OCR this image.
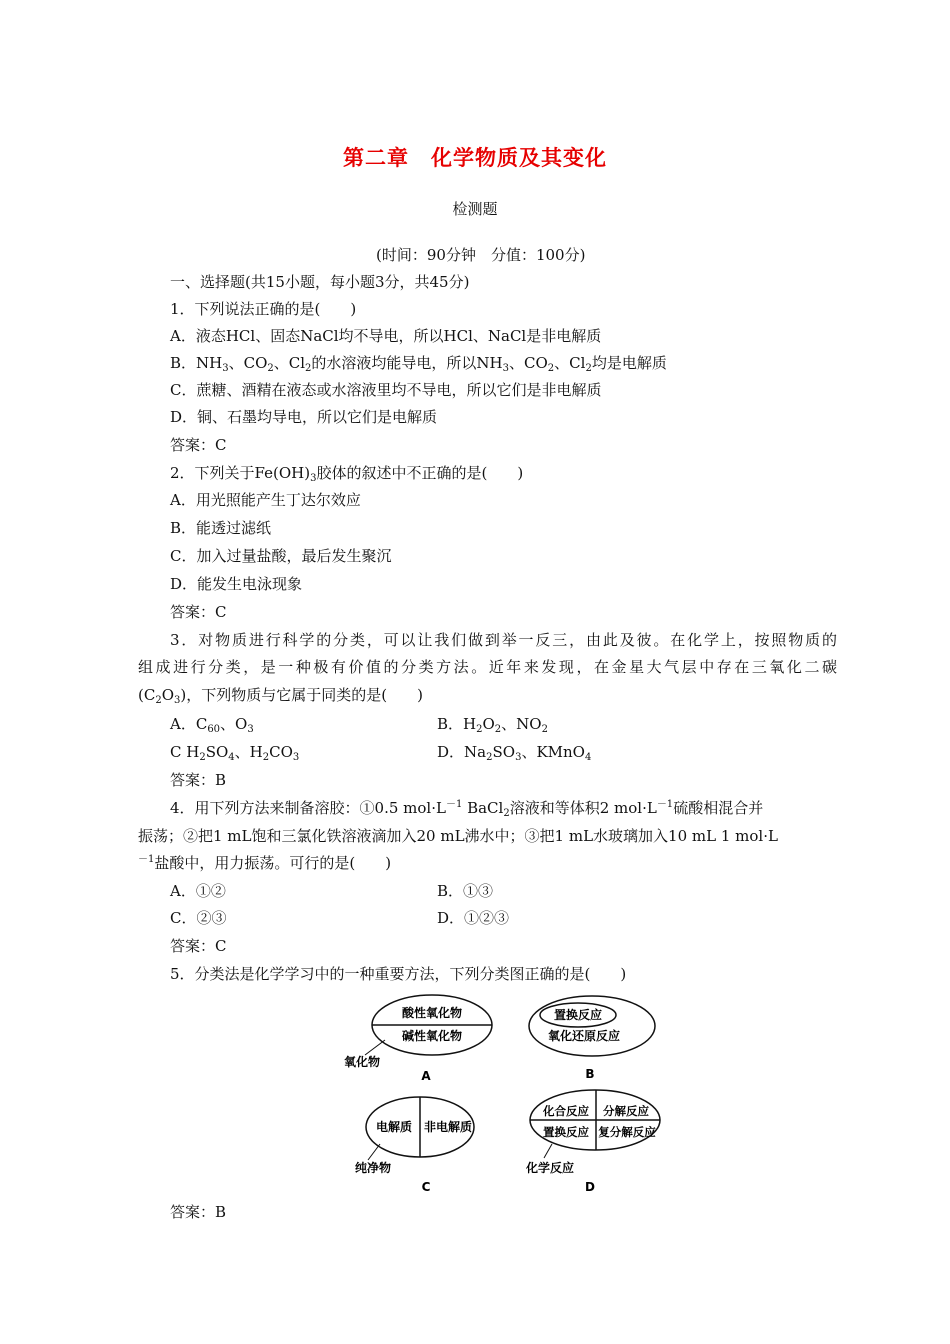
第二章　化学物质及其变化
检测题
(时间：90分钟　分值：100分)
一、选择题(共15小题，每小题3分，共45分)
1．下列说法正确的是(　　)
A．液态HCl、固态NaCl均不导电，所以HCl、NaCl是非电解质
B．$NH_3$、$CO_2$、$Cl_2$的水溶液均能导电，所以$NH_3$、$CO_2$、$Cl_2$均是电解质
C．蔗糖、酒精在液态或水溶液里均不导电，所以它们是非电解质
D．铜、石墨均导电，所以它们是电解质
答案：C
2．下列关于$Fe(OH)_3$胶体的叙述中不正确的是(　　)
A．用光照能产生丁达尔效应
B．能透过滤纸
C．加入过量盐酸，最后发生聚沉
D．能发生电泳现象
答案：C
3．对物质进行科学的分类，可以让我们做到举一反三，由此及彼。在化学上，按照物质的
组成进行分类，是一种极有价值的分类方法。近年来发现，在金星大气层中存在三氧化二碳
$(C_2O_3)$，下列物质与它属于同类的是(　　)
A．$C_{60}$、$O_3$	B．$H_2O_2$、$NO_2$
C $H_2SO_4$、$H_2CO_3$	D．$Na_2SO_3$、KMnO$_4$
答案：B
4．用下列方法来制备溶胶：①0.5 $mol\cdot L^{-1}$ BaCl$_2$溶液和等体积2 $mol\cdot L^{-1}$硫酸相混合并
振荡；②把1 mL饱和三氯化铁溶液滴加入20 mL沸水中；③把1 mL水玻璃加入10 mL 1 mol·L
$^{-1}$盐酸中，用力振荡。可行的是(　　)
A．①②	B．①③
C．②③	D．①②③
答案：C
5．分类法是化学学习中的一种重要方法，下列分类图正确的是(　　)
酸性氧化物
碱性氧化物
氧化物
A
置换反应
氧化还原反应
B
电解质 非电解质
纯净物
C
化合反应 分解反应
置换反应 复分解反应
化学反应
D
答案：B
